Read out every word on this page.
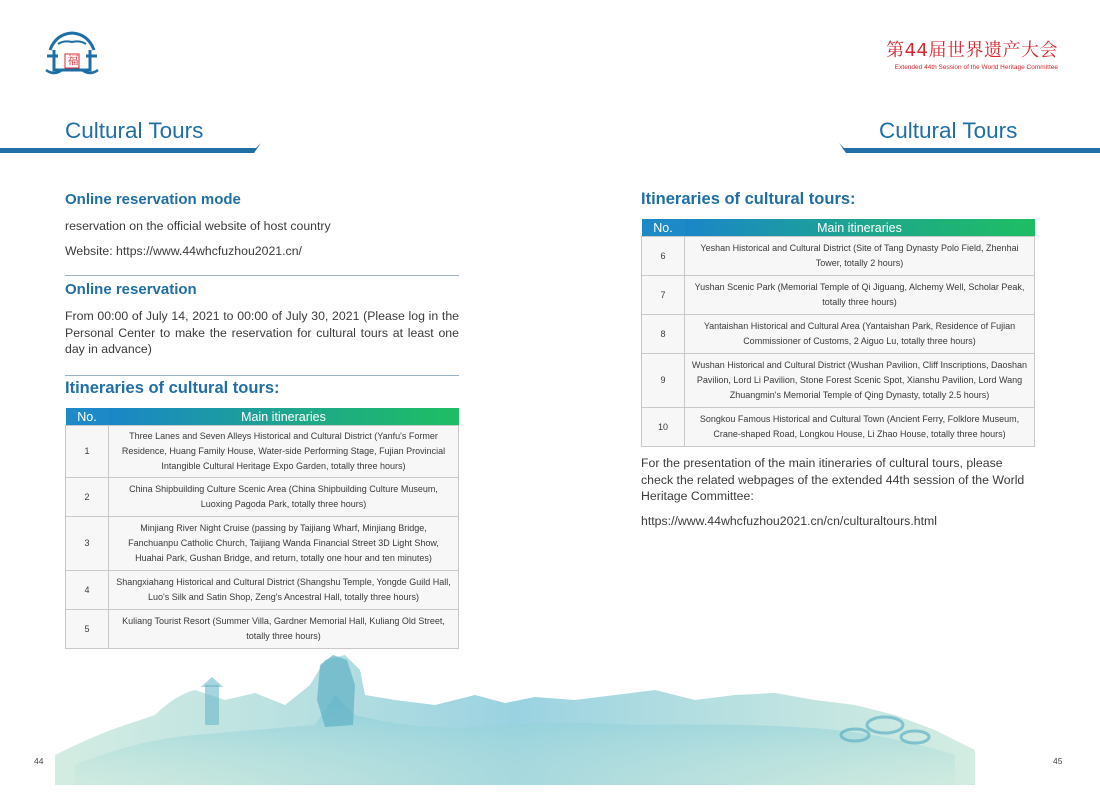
福	第44届世界遗产大会
Extended 44th Session of the World Heritage Committee
Cultural Tours	Cultural Tours
Online reservation mode
reservation on the official website of host country
Website: https://www.44whcfuzhou2021.cn/
Online reservation
From 00:00 of July 14, 2021 to 00:00 of July 30, 2021 (Please log in the Personal Center to make the reservation for cultural tours at least one day in advance)
Itineraries of cultural tours:
No.	Main itineraries
1	Three Lanes and Seven Alleys Historical and Cultural District (Yanfu's Former Residence, Huang Family House, Water-side Performing Stage, Fujian Provincial Intangible Cultural Heritage Expo Garden, totally three hours)
2	China Shipbuilding Culture Scenic Area (China Shipbuilding Culture Museum, Luoxing Pagoda Park, totally three hours)
3	Minjiang River Night Cruise (passing by Taijiang Wharf, Minjiang Bridge, Fanchuanpu Catholic Church, Taijiang Wanda Financial Street 3D Light Show, Huahai Park, Gushan Bridge, and return, totally one hour and ten minutes)
4	Shangxiahang Historical and Cultural District (Shangshu Temple, Yongde Guild Hall, Luo's Silk and Satin Shop, Zeng's Ancestral Hall, totally three hours)
5	Kuliang Tourist Resort (Summer Villa, Gardner Memorial Hall, Kuliang Old Street, totally three hours)
Itineraries of cultural tours:
No.	Main itineraries
6	Yeshan Historical and Cultural District (Site of Tang Dynasty Polo Field, Zhenhai Tower, totally 2 hours)
7	Yushan Scenic Park (Memorial Temple of Qi Jiguang, Alchemy Well, Scholar Peak, totally three hours)
8	Yantaishan Historical and Cultural Area (Yantaishan Park, Residence of Fujian Commissioner of Customs, 2 Aiguo Lu, totally three hours)
9	Wushan Historical and Cultural District (Wushan Pavilion, Cliff Inscriptions, Daoshan Pavilion, Lord Li Pavilion, Stone Forest Scenic Spot, Xianshu Pavilion, Lord Wang Zhuangmin's Memorial Temple of Qing Dynasty, totally 2.5 hours)
10	Songkou Famous Historical and Cultural Town (Ancient Ferry, Folklore Museum, Crane-shaped Road, Longkou House, Li Zhao House, totally three hours)
For the presentation of the main itineraries of cultural tours, please check the related webpages of the extended 44th session of the World Heritage Committee:
https://www.44whcfuzhou2021.cn/cn/culturaltours.html
44	45
